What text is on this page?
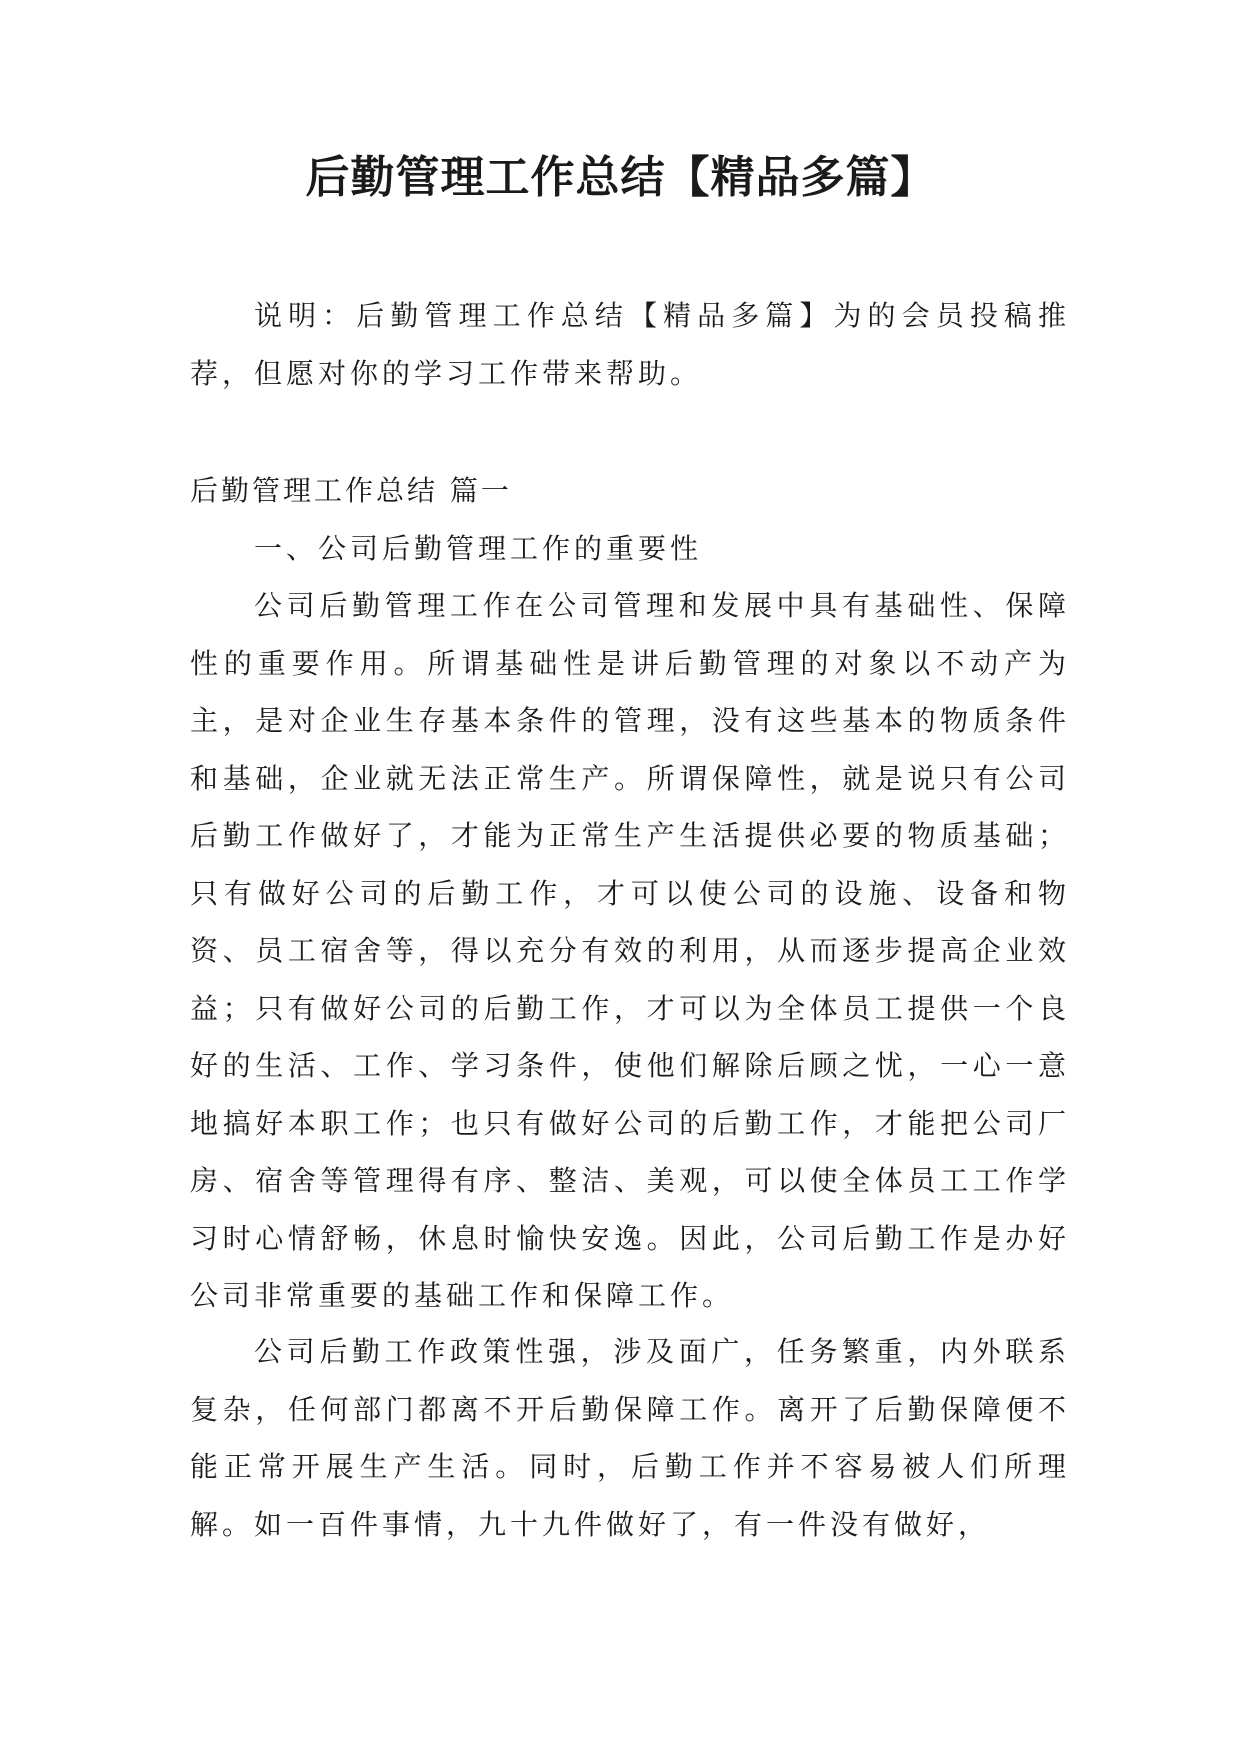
后勤管理工作总结【精品多篇】

说明：后勤管理工作总结【精品多篇】为的会员投稿推荐，但愿对你的学习工作带来帮助。

后勤管理工作总结 篇一

一、公司后勤管理工作的重要性

公司后勤管理工作在公司管理和发展中具有基础性、保障性的重要作用。所谓基础性是讲后勤管理的对象以不动产为主，是对企业生存基本条件的管理，没有这些基本的物质条件和基础，企业就无法正常生产。所谓保障性，就是说只有公司后勤工作做好了，才能为正常生产生活提供必要的物质基础；只有做好公司的后勤工作，才可以使公司的设施、设备和物资、员工宿舍等，得以充分有效的利用，从而逐步提高企业效益；只有做好公司的后勤工作，才可以为全体员工提供一个良好的生活、工作、学习条件，使他们解除后顾之忧，一心一意地搞好本职工作；也只有做好公司的后勤工作，才能把公司厂房、宿舍等管理得有序、整洁、美观，可以使全体员工工作学习时心情舒畅，休息时愉快安逸。因此，公司后勤工作是办好公司非常重要的基础工作和保障工作。

公司后勤工作政策性强，涉及面广，任务繁重，内外联系复杂，任何部门都离不开后勤保障工作。离开了后勤保障便不能正常开展生产生活。同时，后勤工作并不容易被人们所理解。如一百件事情，九十九件做好了，有一件没有做好，
